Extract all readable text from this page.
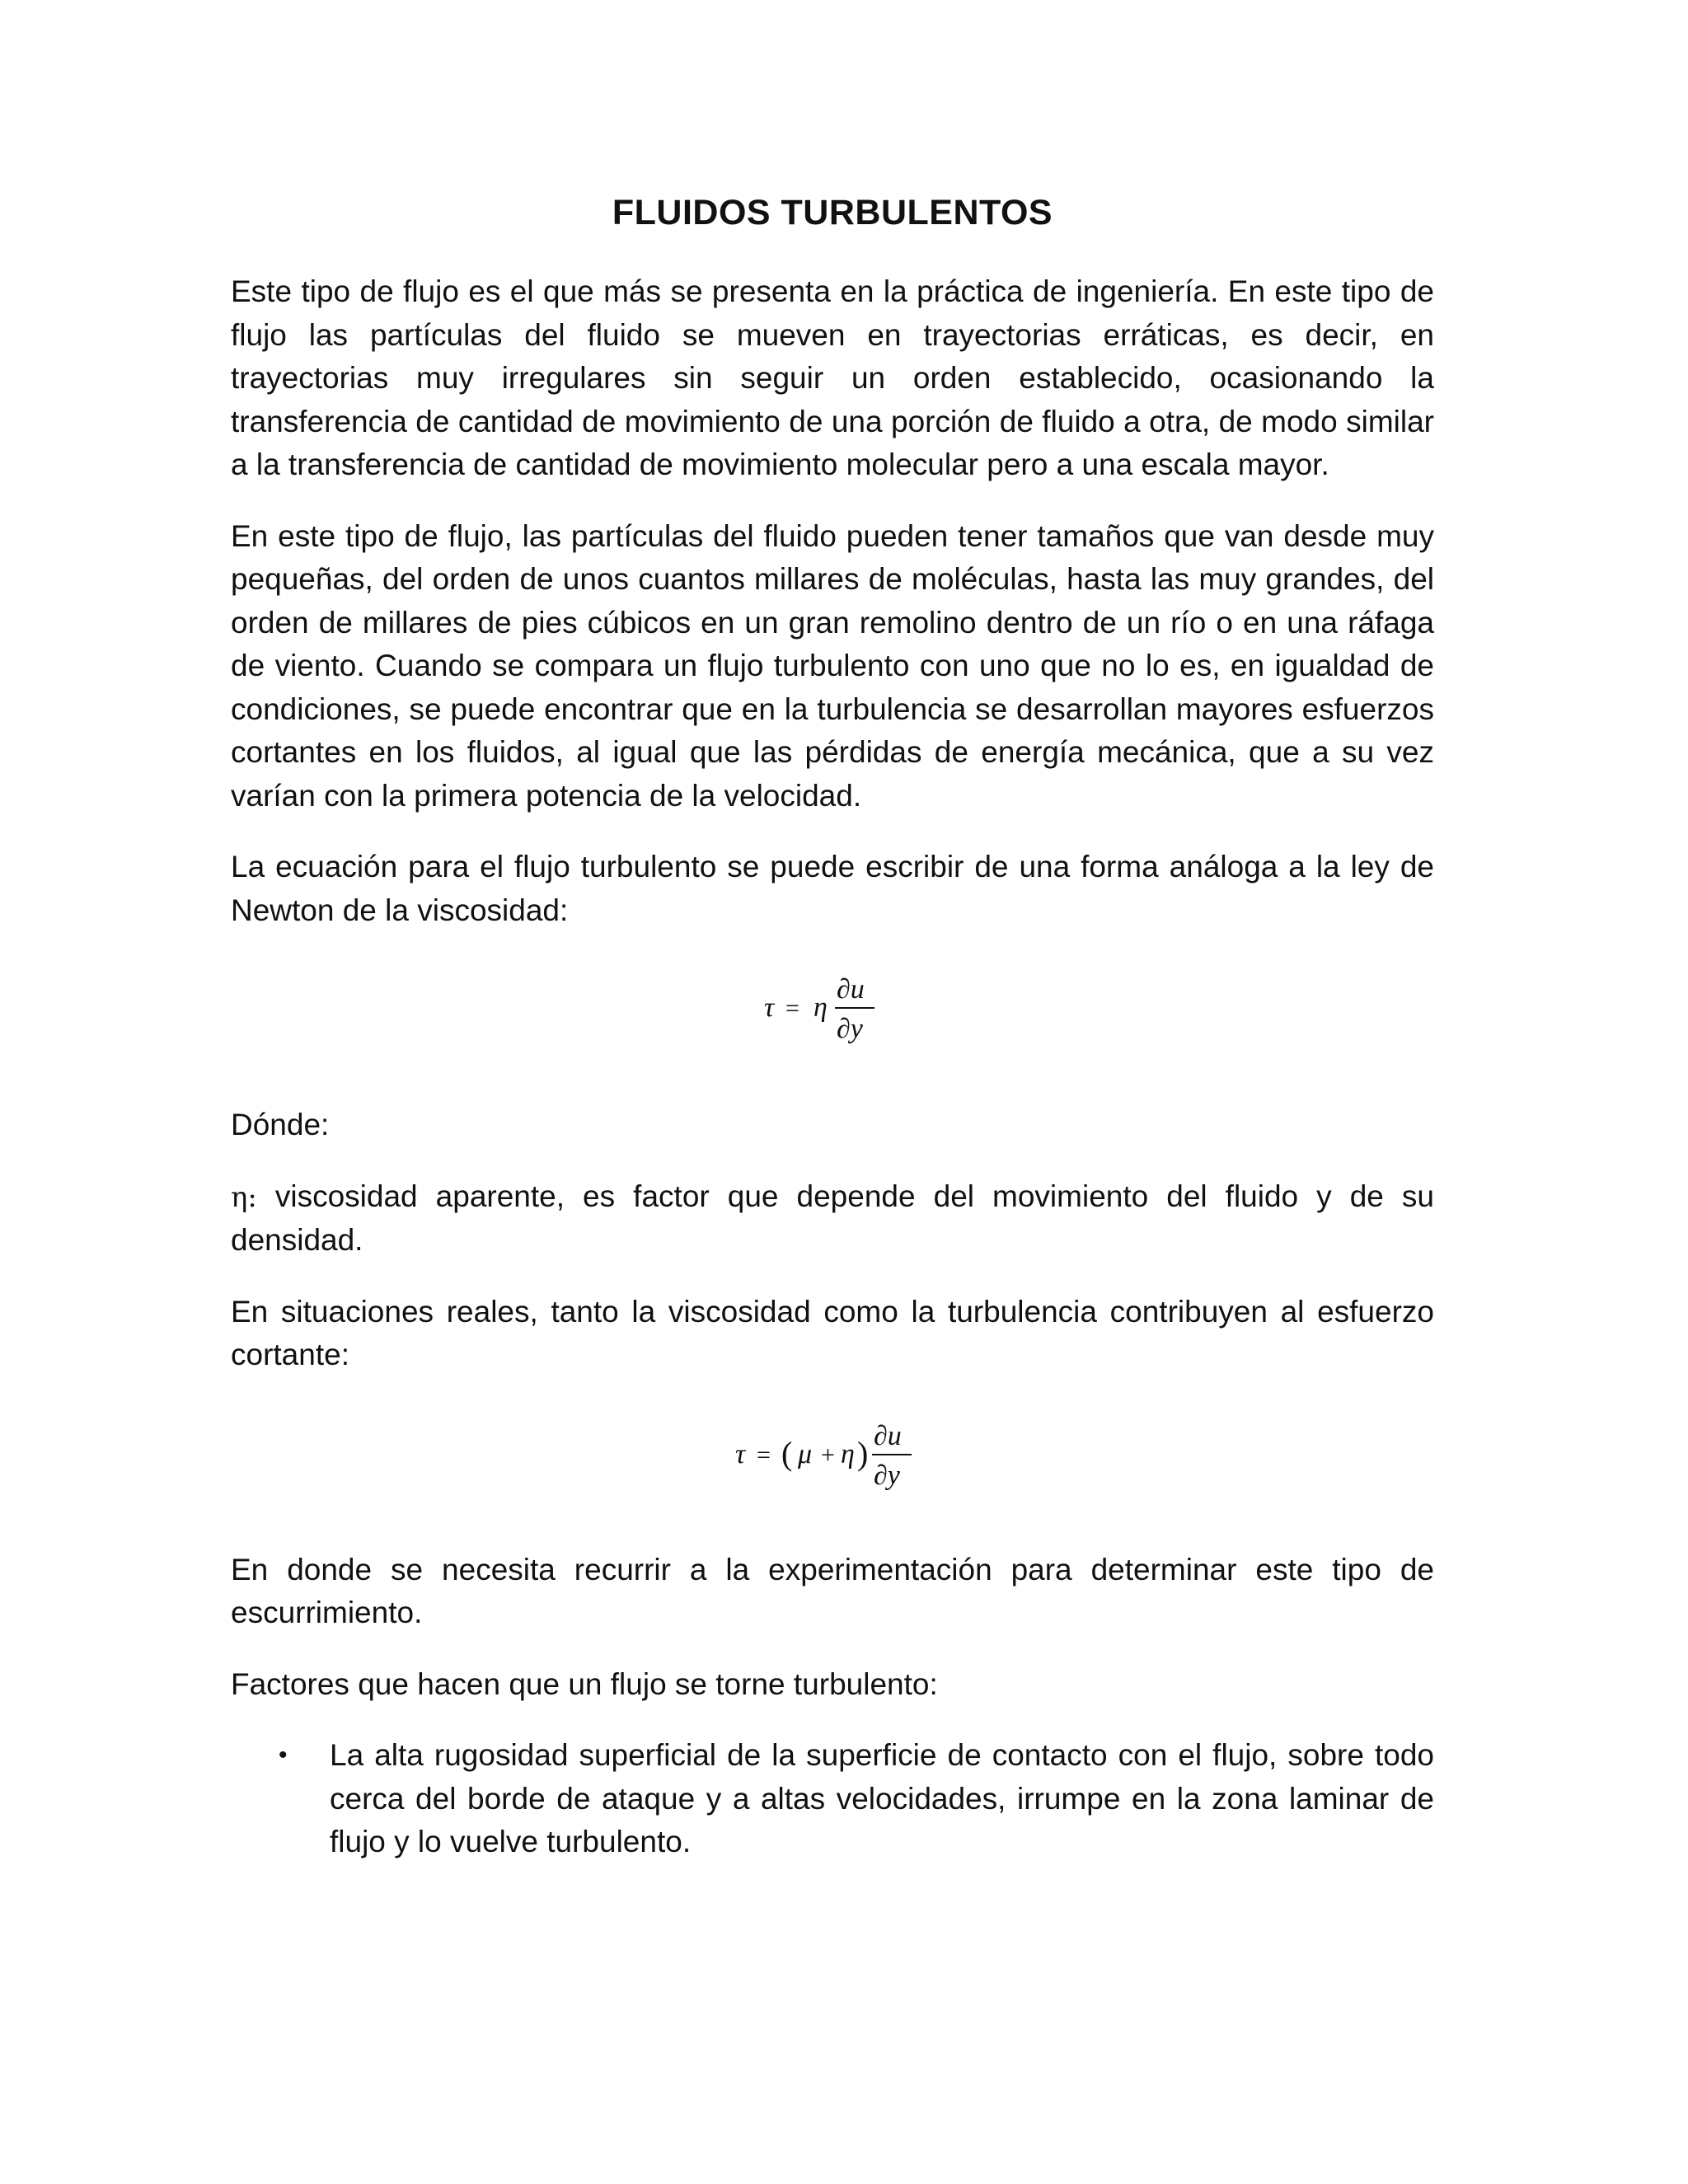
FLUIDOS TURBULENTOS

Este tipo de flujo es el que más se presenta en la práctica de ingeniería. En este tipo de flujo las partículas del fluido se mueven en trayectorias erráticas, es decir, en trayectorias muy irregulares sin seguir un orden establecido, ocasionando la transferencia de cantidad de movimiento de una porción de fluido a otra, de modo similar a la transferencia de cantidad de movimiento molecular pero a una escala mayor.

En este tipo de flujo, las partículas del fluido pueden tener tamaños que van desde muy pequeñas, del orden de unos cuantos millares de moléculas, hasta las muy grandes, del orden de millares de pies cúbicos en un gran remolino dentro de un río o en una ráfaga de viento. Cuando se compara un flujo turbulento con uno que no lo es, en igualdad de condiciones, se puede encontrar que en la turbulencia se desarrollan mayores esfuerzos cortantes en los fluidos, al igual que las pérdidas de energía mecánica, que a su vez varían con la primera potencia de la velocidad.

La ecuación para el flujo turbulento se puede escribir de una forma análoga a la ley de Newton de la viscosidad:

τ = η
∂u
∂y

Dónde:

η: viscosidad aparente, es factor que depende del movimiento del fluido y de su densidad.

En situaciones reales, tanto la viscosidad como la turbulencia contribuyen al esfuerzo cortante:

τ = ( μ + η ) ∂u
∂y

En donde se necesita recurrir a la experimentación para determinar este tipo de escurrimiento.

Factores que hacen que un flujo se torne turbulento:

• La alta rugosidad superficial de la superficie de contacto con el flujo, sobre todo cerca del borde de ataque y a altas velocidades, irrumpe en la zona laminar de flujo y lo vuelve turbulento.
